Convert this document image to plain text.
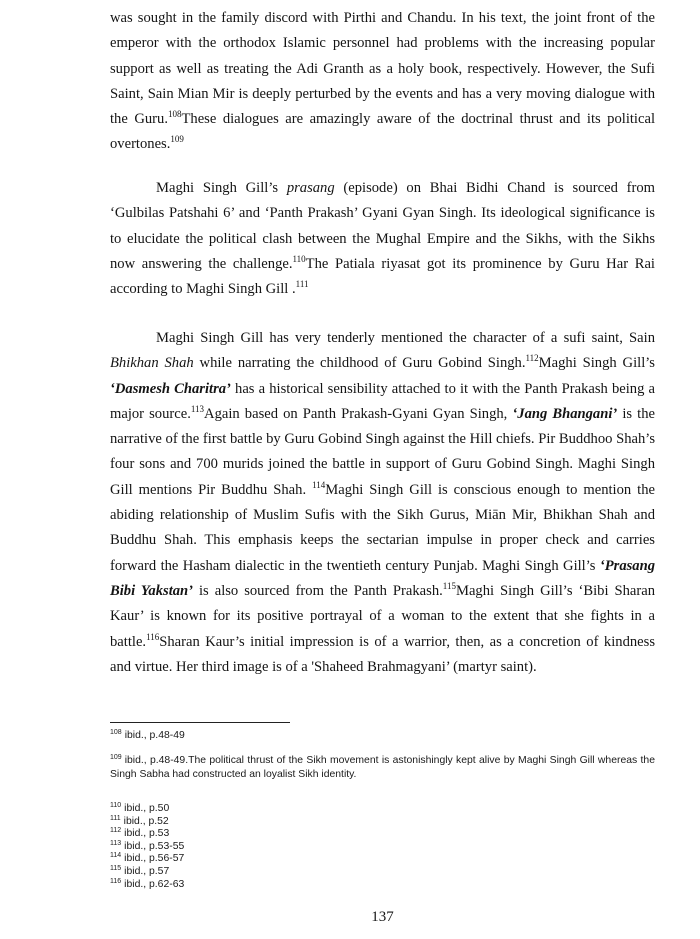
was sought in the family discord with Pirthi and Chandu. In his text, the joint front of the emperor with the orthodox Islamic personnel had problems with the increasing popular support as well as treating the Adi Granth as a holy book, respectively. However, the Sufi Saint, Sain Mian Mir is deeply perturbed by the events and has a very moving dialogue with the Guru.$^{108}$These dialogues are amazingly aware of the doctrinal thrust and its political overtones.$^{109}$

Maghi Singh Gill’s prasang (episode) on Bhai Bidhi Chand is sourced from ‘Gulbilas Patshahi 6’ and ‘Panth Prakash’ Gyani Gyan Singh. Its ideological significance is to elucidate the political clash between the Mughal Empire and the Sikhs, with the Sikhs now answering the challenge.$^{110}$The Patiala riyasat got its prominence by Guru Har Rai according to Maghi Singh Gill .$^{111}$

Maghi Singh Gill has very tenderly mentioned the character of a sufi saint, Sain Bhikhan Shah while narrating the childhood of Guru Gobind Singh.$^{112}$Maghi Singh Gill’s ‘Dasmesh Charitra’ has a historical sensibility attached to it with the Panth Prakash being a major source.$^{113}$Again based on Panth Prakash-Gyani Gyan Singh, ‘Jang Bhangani’ is the narrative of the first battle by Guru Gobind Singh against the Hill chiefs. Pir Buddhoo Shah’s four sons and 700 murids joined the battle in support of Guru Gobind Singh. Maghi Singh Gill mentions Pir Buddhu Shah. $^{114}$Maghi Singh Gill is conscious enough to mention the abiding relationship of Muslim Sufis with the Sikh Gurus, Miān Mir, Bhikhan Shah and Buddhu Shah. This emphasis keeps the sectarian impulse in proper check and carries forward the Hasham dialectic in the twentieth century Punjab. Maghi Singh Gill’s ‘Prasang Bibi Yakstan’ is also sourced from the Panth Prakash.$^{115}$Maghi Singh Gill’s ‘Bibi Sharan Kaur’ is known for its positive portrayal of a woman to the extent that she fights in a battle.$^{116}$Sharan Kaur’s initial impression is of a warrior, then, as a concretion of kindness and virtue. Her third image is of a 'Shaheed Brahmagyani’ (martyr saint).

$^{108}$ ibid., p.48-49
$^{109}$ ibid., p.48-49.The political thrust of the Sikh movement is astonishingly kept alive by Maghi Singh Gill whereas the Singh Sabha had constructed an loyalist Sikh identity.
$^{110}$ ibid., p.50
$^{111}$ ibid., p.52
$^{112}$ ibid., p.53
$^{113}$ ibid., p.53-55
$^{114}$ ibid., p.56-57
$^{115}$ ibid., p.57
$^{116}$ ibid., p.62-63
137
